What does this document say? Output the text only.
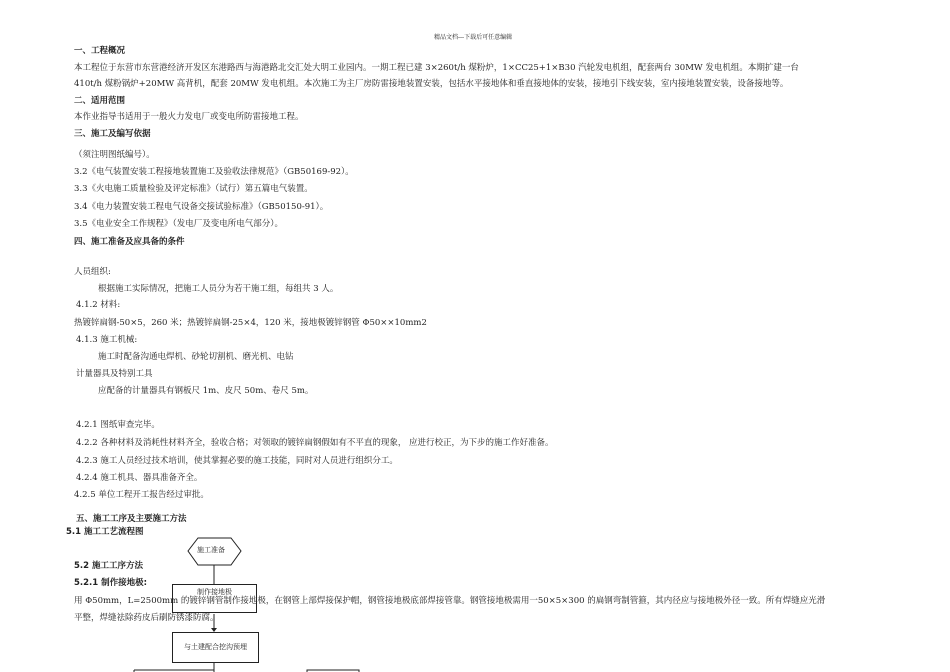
精品文档---下载后可任意编辑
一、工程概况
本工程位于东营市东营港经济开发区东港路西与海港路北交汇处大明工业园内。一期工程已建 3×260t/h 煤粉炉，1×CC25+1×B30 汽轮发电机组，配套两台 30MW 发电机组。本期扩建一台
410t/h 煤粉锅炉+20MW 高背机，配套 20MW 发电机组。本次施工为主厂房防雷接地装置安装，包括水平接地体和垂直接地体的安装，接地引下线安装，室内接地装置安装，设备接地等。
二、适用范围
本作业指导书适用于一般火力发电厂或变电所防雷接地工程。
三、施工及编写依据
（须注明图纸编号）。
3.2《电气装置安装工程接地装置施工及验收法律规范》（GB50169-92）。
3.3《火电施工质量检验及评定标准》（试行）第五篇电气装置。
3.4《电力装置安装工程电气设备交接试验标准》（GB50150-91）。
3.5《电业安全工作规程》（发电厂及变电所电气部分）。
四、施工准备及应具备的条件
人员组织:
根据施工实际情况，把施工人员分为若干施工组，每组共 3 人。
4.1.2 材料:
热镀锌扁钢-50×5，260 米；热镀锌扁钢-25×4，120 米，接地极镀锌钢管 Φ50××10mm2
4.1.3 施工机械:
施工时配备沟通电焊机、砂轮切割机、磨光机、电钻
计量器具及特别工具
应配备的计量器具有钢板尺 1m、皮尺 50m、卷尺 5m。
4.2.1 图纸审查完毕。
4.2.2 各种材料及消耗性材料齐全，验收合格；对领取的镀锌扁钢假如有不平直的现象， 应进行校正，为下步的施工作好准备。
4.2.3 施工人员经过技术培训，使其掌握必要的施工技能，同时对人员进行组织分工。
4.2.4 施工机具、器具准备齐全。
4.2.5 单位工程开工报告经过审批。
五、施工工序及主要施工方法
5.1 施工工艺流程图
5.2 施工工序方法
5.2.1 制作接地极:
施工准备
制作接地极
与土建配合挖沟预埋
用 Φ50mm，L=2500mm 的镀锌钢管制作接地极，在钢管上部焊接保护帽，钢管接地极底部焊接管靠。钢管接地极需用一50×5×300 的扁钢弯制管箍，其内径应与接地极外径一致。所有焊缝应光滑
平整，焊缝祛除药皮后刷防锈漆防腐。
